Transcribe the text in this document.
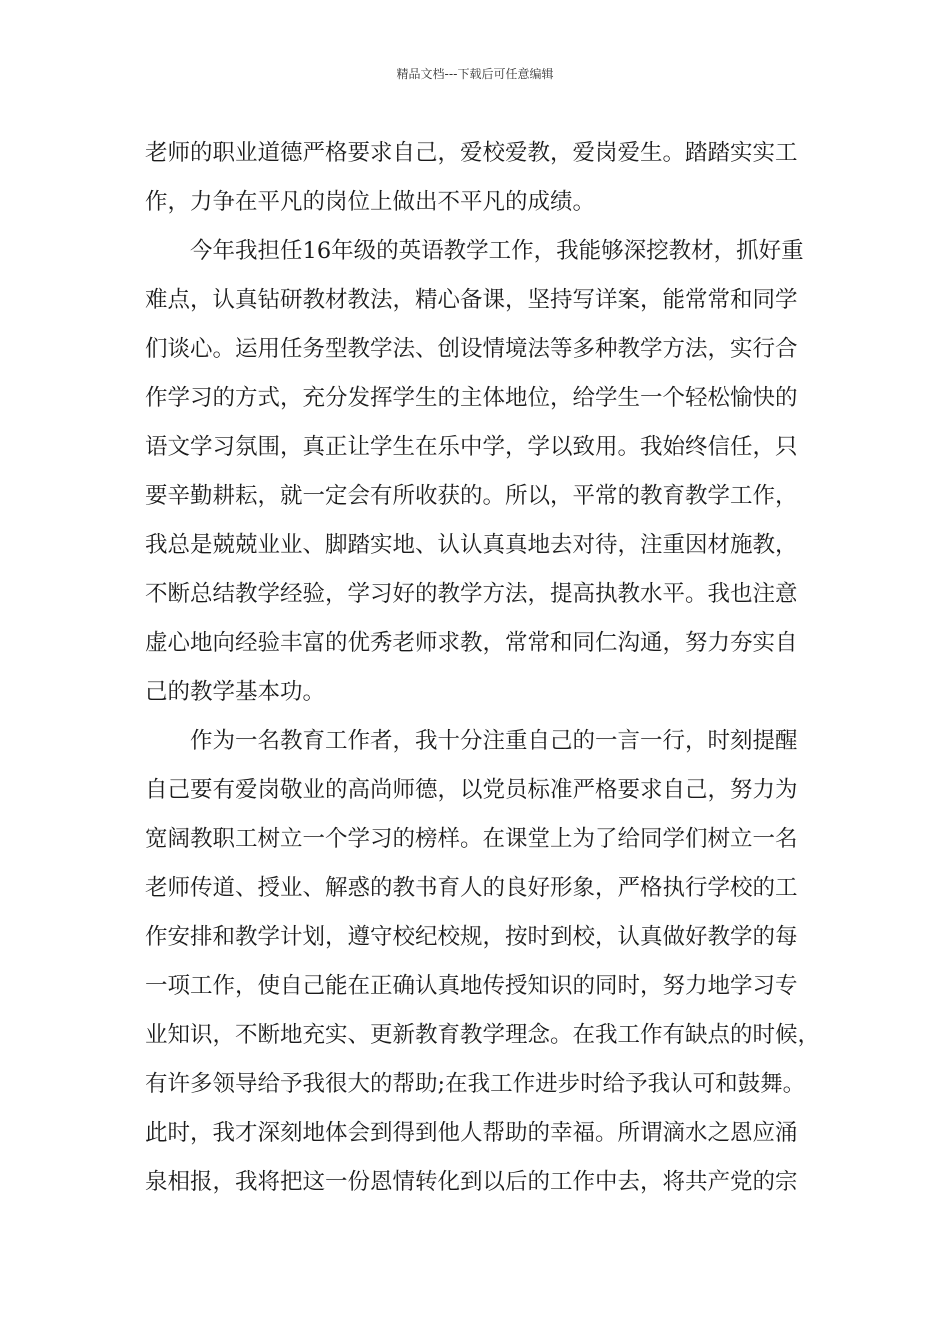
精品文档---下载后可任意编辑
老师的职业道德严格要求自己，爱校爱教，爱岗爱生。踏踏实实工
作，力争在平凡的岗位上做出不平凡的成绩。
今年我担任16年级的英语教学工作，我能够深挖教材，抓好重
难点，认真钻研教材教法，精心备课，坚持写详案，能常常和同学
们谈心。运用任务型教学法、创设情境法等多种教学方法，实行合
作学习的方式，充分发挥学生的主体地位，给学生一个轻松愉快的
语文学习氛围，真正让学生在乐中学，学以致用。我始终信任，只
要辛勤耕耘，就一定会有所收获的。所以，平常的教育教学工作，
我总是兢兢业业、脚踏实地、认认真真地去对待，注重因材施教，
不断总结教学经验，学习好的教学方法，提高执教水平。我也注意
虚心地向经验丰富的优秀老师求教，常常和同仁沟通，努力夯实自
己的教学基本功。
作为一名教育工作者，我十分注重自己的一言一行，时刻提醒
自己要有爱岗敬业的高尚师德，以党员标准严格要求自己，努力为
宽阔教职工树立一个学习的榜样。在课堂上为了给同学们树立一名
老师传道、授业、解惑的教书育人的良好形象，严格执行学校的工
作安排和教学计划，遵守校纪校规，按时到校，认真做好教学的每
一项工作，使自己能在正确认真地传授知识的同时，努力地学习专
业知识，不断地充实、更新教育教学理念。在我工作有缺点的时候，
有许多领导给予我很大的帮助;在我工作进步时给予我认可和鼓舞。
此时，我才深刻地体会到得到他人帮助的幸福。所谓滴水之恩应涌
泉相报，我将把这一份恩情转化到以后的工作中去，将共产党的宗
